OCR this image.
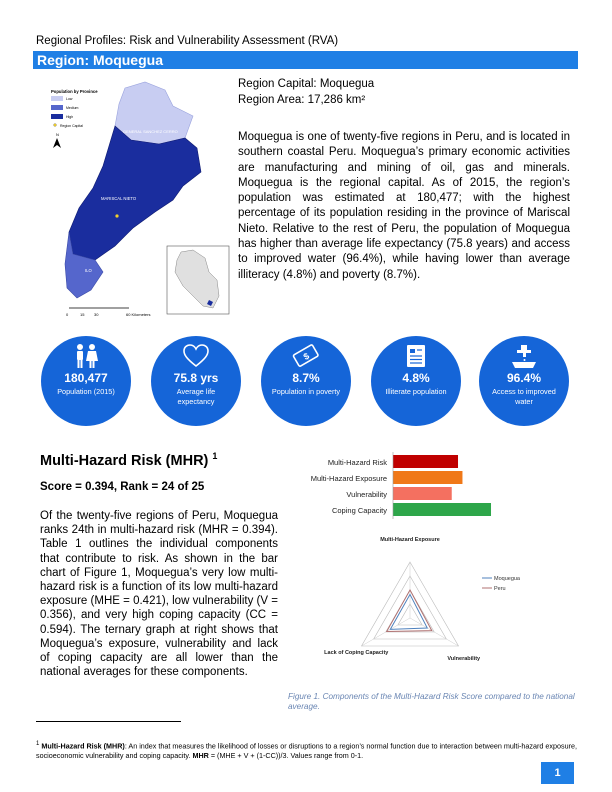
Regional Profiles: Risk and Vulnerability Assessment (RVA)
Region: Moquegua
GENERAL SANCHEZ CERRO
MARISCAL NIETO
ILO
Population by Province
Low
Medium
High
Region Capital
N
0	15 30	60 Kilometers
Region Capital: Moquegua
Region Area: 17,286 km²
Moquegua is one of twenty-five regions in Peru, and is located in southern coastal Peru. Moquegua’s primary economic activities are manufacturing and mining of oil, gas and minerals. Moquegua is the regional capital. As of 2015, the region’s population was estimated at 180,477; with the highest percentage of its population residing in the province of Mariscal Nieto. Relative to the rest of Peru, the population of Moquegua has higher than average life expectancy (75.8 years) and access to improved water (96.4%), while having lower than average illiteracy (4.8%) and poverty (8.7%).
180,477
Population (2015)
75.8 yrs
Average life expectancy
$
8.7%
Population in poverty
4.8%
Illiterate population
96.4%
Access to improved water
Multi-Hazard Risk (MHR) $^1$
Score = 0.394, Rank = 24 of 25
Of the twenty-five regions of Peru, Moquegua ranks 24th in multi-hazard risk (MHR = 0.394). Table 1 outlines the individual components that contribute to risk. As shown in the bar chart of Figure 1, Moquegua’s very low multi-hazard risk is a function of its low multi-hazard exposure (MHE = 0.421), low vulnerability (V = 0.356), and very high coping capacity (CC = 0.594). The ternary graph at right shows that Moquegua’s exposure, vulnerability and lack of coping capacity are all lower than the national averages for these components.
Multi-Hazard Risk
Multi-Hazard Exposure
Vulnerability
Coping Capacity
Multi-Hazard Exposure
Vulnerability
Lack of Coping Capacity
Moquegua
Peru
Figure 1. Components of the Multi-Hazard Risk Score compared to the national average.
$^1$ Multi-Hazard Risk (MHR): An index that measures the likelihood of losses or disruptions to a region’s normal function due to interaction between multi-hazard exposure, socioeconomic vulnerability and coping capacity. MHR = (MHE + V + (1-CC))/3. Values range from 0-1.
1
